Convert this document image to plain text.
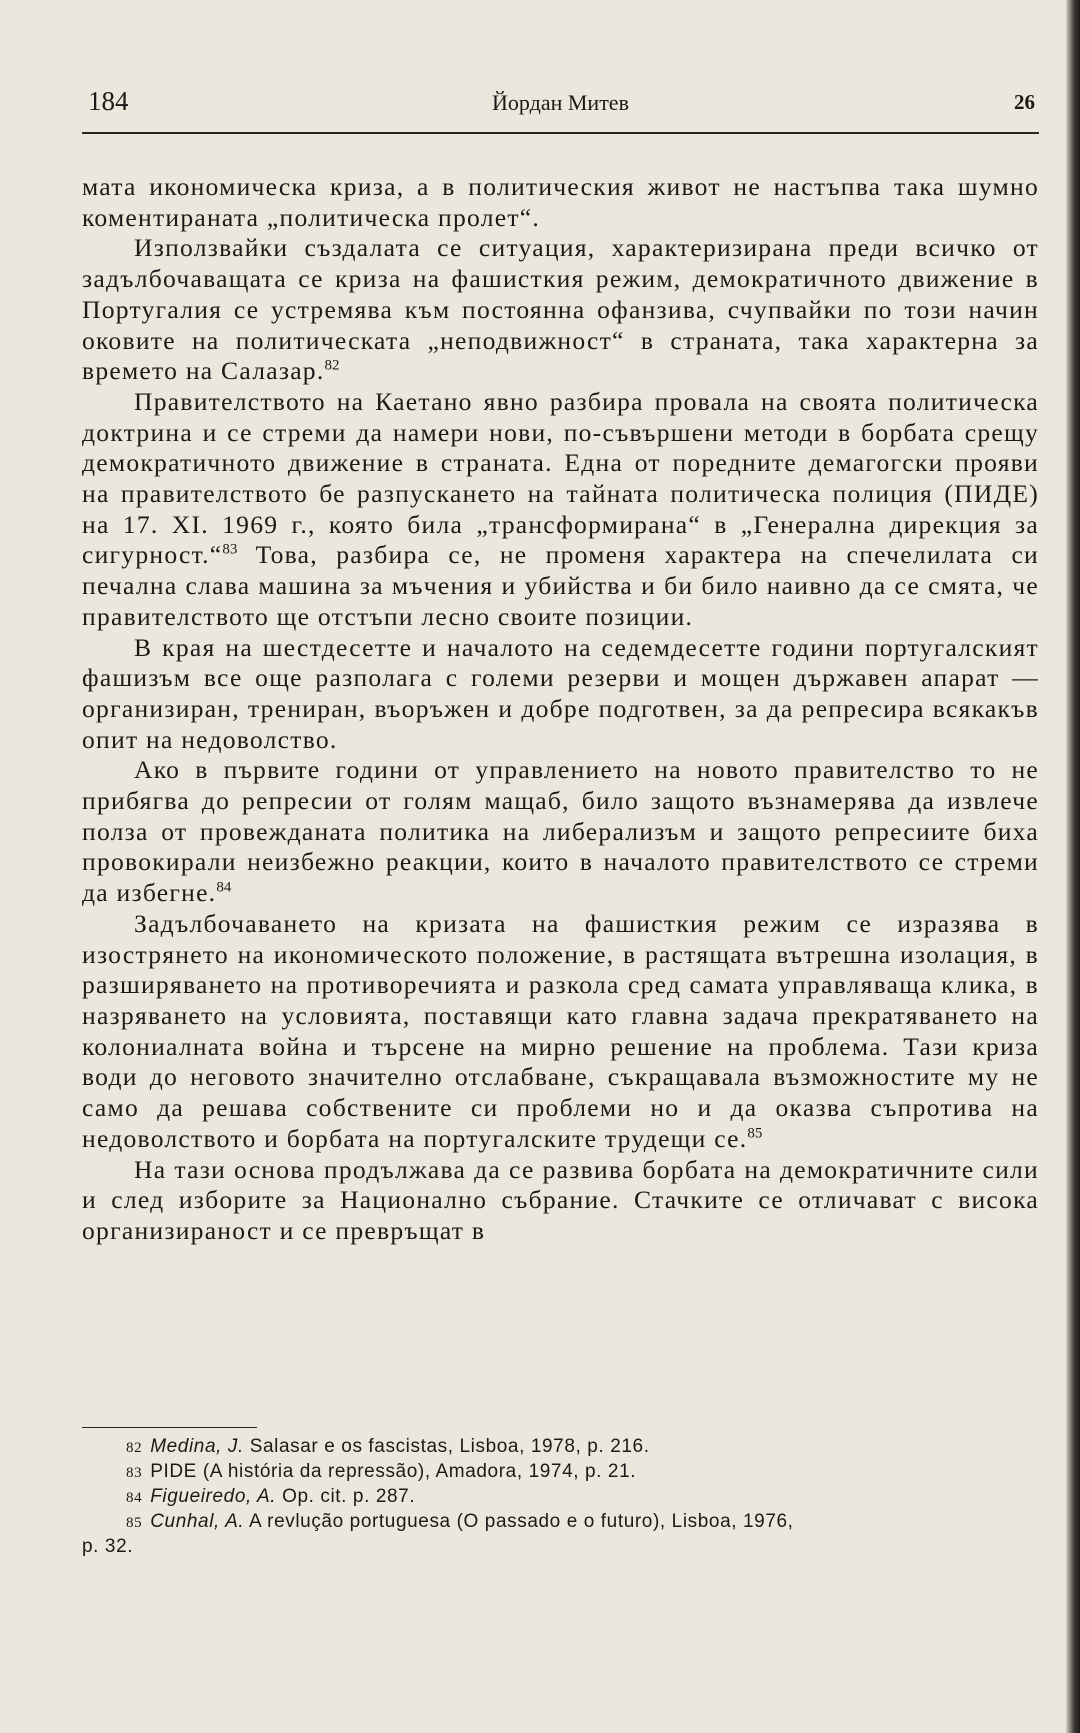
184	Йордан Митев	26

мата икономическа криза, а в политическия живот не настъпва така шумно коментираната „политическа пролет“.

Използвайки създалата се ситуация, характеризирана преди всичко от задълбочаващата се криза на фашисткия режим, демократичното движение в Португалия се устремява към постоянна офанзива, счупвайки по този начин оковите на политическата „неподвижност“ в страната, така характерна за времето на Салазар.$^{82}$

Правителството на Каетано явно разбира провала на своята политическа доктрина и се стреми да намери нови, по-съвършени методи в борбата срещу демократичното движение в страната. Една от поредните демагогски прояви на правителството бе разпускането на тайната политическа полиция (ПИДЕ) на 17. XI. 1969 г., която била „трансформирана“ в „Генерална дирекция за сигурност.“$^{83}$ Това, разбира се, не променя характера на спечелилата си печална слава машина за мъчения и убийства и би било наивно да се смята, че правителството ще отстъпи лесно своите позиции.

В края на шестдесетте и началото на седемдесетте години португалският фашизъм все още разполага с големи резерви и мощен държавен апарат — организиран, трениран, въоръжен и добре подготвен, за да репресира всякакъв опит на недоволство.

Ако в първите години от управлението на новото правителство то не прибягва до репресии от голям мащаб, било защото възнамерява да извлече полза от провежданата политика на либерализъм и защото репресиите биха провокирали неизбежно реакции, които в началото правителството се стреми да избегне.$^{84}$

Задълбочаването на кризата на фашисткия режим се изразява в изострянето на икономическото положение, в растящата вътрешна изолация, в разширяването на противоречията и разкола сред самата управляваща клика, в назряването на условията, поставящи като главна задача прекратяването на колониалната война и търсене на мирно решение на проблема. Тази криза води до неговото значително отслабване, съкращавала възможностите му не само да решава собствените си проблеми но и да оказва съпротива на недоволството и борбата на португалските трудещи се.$^{85}$

На тази основа продължава да се развива борбата на демократичните сили и след изборите за Национално събрание. Стачките се отличават с висока организираност и се превръщат в

82 Medina, J. Salasar e os fascistas, Lisboa, 1978, p. 216.
83 PIDE (A história da repressão), Amadora, 1974, p. 21.
84 Figueiredo, A. Op. cit. p. 287.
85 Cunhal, A. A revlução portuguesa (O passado e o futuro), Lisboa, 1976,
p. 32.
